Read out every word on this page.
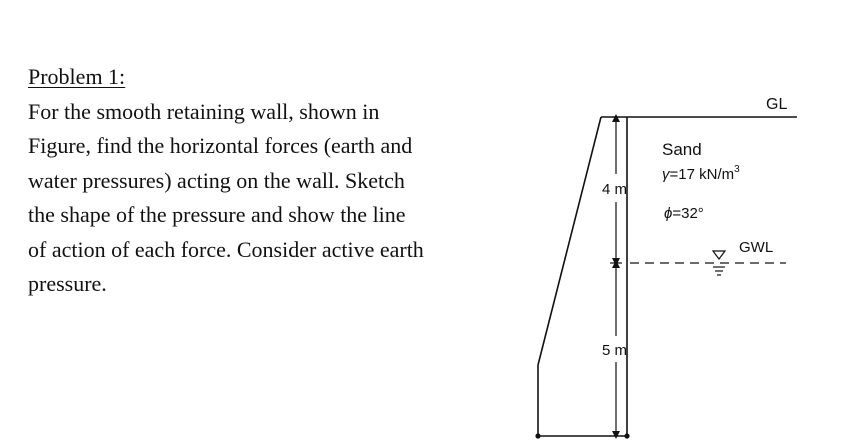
Problem 1:
For the smooth retaining wall, shown in
Figure, find the horizontal forces (earth and
water pressures) acting on the wall. Sketch
the shape of the pressure and show the line
of action of each force. Consider active earth
pressure.
GL
4 m
5 m
Sand
γ=17 $kN/m^3$
ϕ=32°
GWL
